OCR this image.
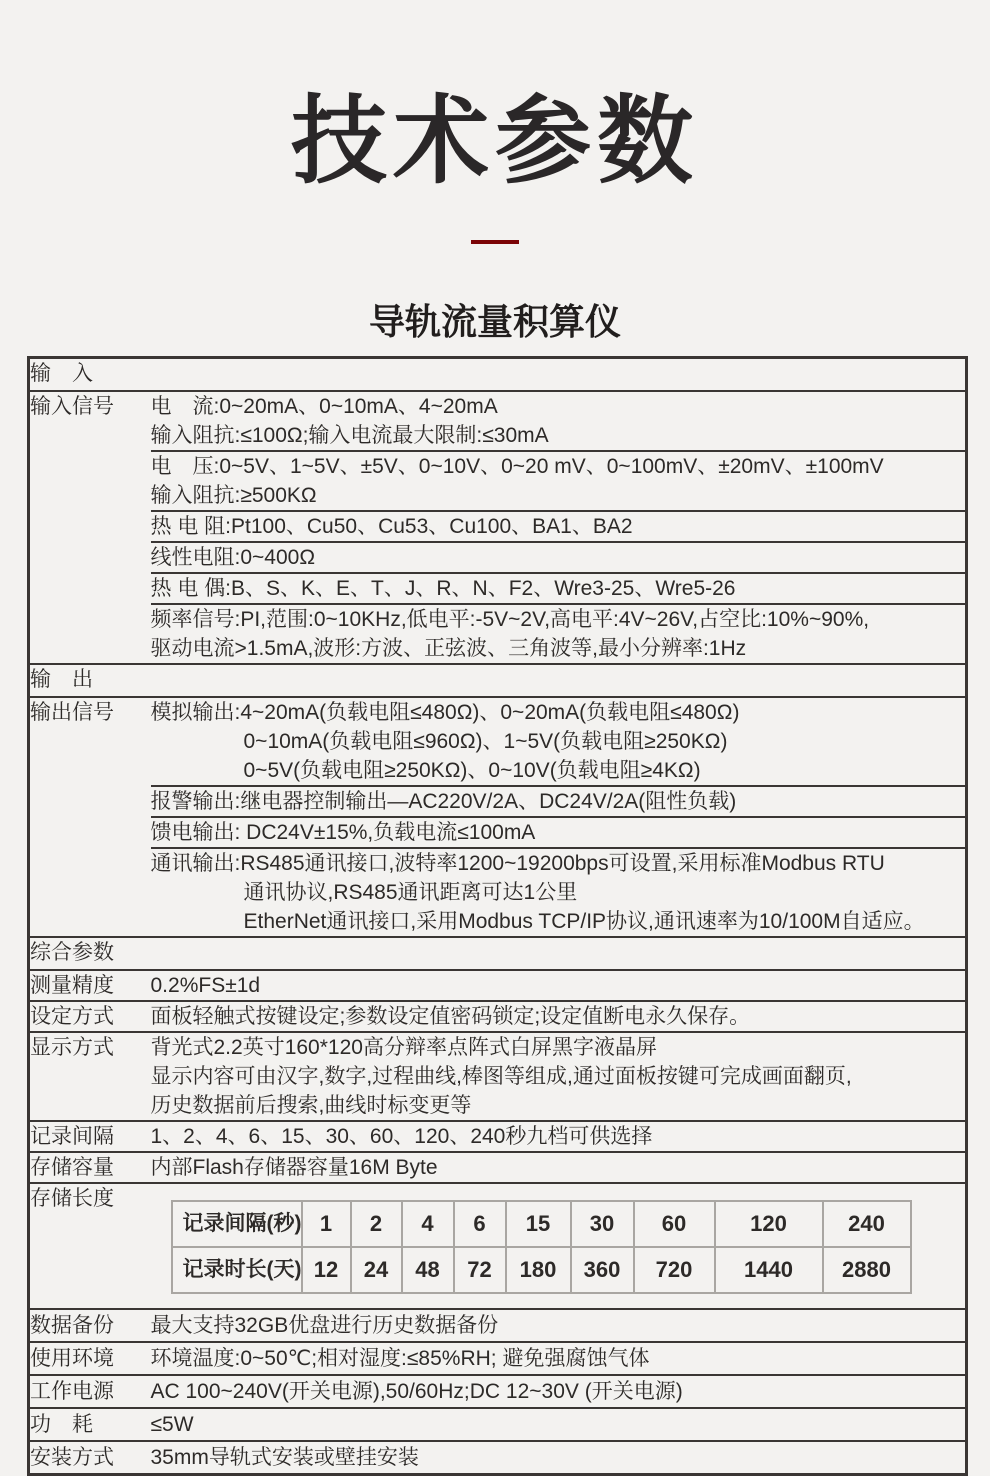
技术参数
导轨流量积算仪
输　入
输入信号	电　流:0~20mA、0~10mA、4~20mA
输入阻抗:≤100Ω;输入电流最大限制:≤30mA

电　压:0~5V、1~5V、±5V、0~10V、0~20 mV、0~100mV、±20mV、±100mV
输入阻抗:≥500KΩ

热 电 阻:Pt100、Cu50、Cu53、Cu100、BA1、BA2

线性电阻:0~400Ω

热 电 偶:B、S、K、E、T、J、R、N、F2、Wre3-25、Wre5-26

频率信号:PI,范围:0~10KHz,低电平:-5V~2V,高电平:4V~26V,占空比:10%~90%,
驱动电流>1.5mA,波形:方波、正弦波、三角波等,最小分辨率:1Hz

输　出
输出信号	模拟输出:4~20mA(负载电阻≤480Ω)、0~20mA(负载电阻≤480Ω)
0~10mA(负载电阻≤960Ω)、1~5V(负载电阻≥250KΩ)
0~5V(负载电阻≥250KΩ)、0~10V(负载电阻≥4KΩ)

报警输出:继电器控制输出—AC220V/2A、DC24V/2A(阻性负载)

馈电输出: DC24V±15%,负载电流≤100mA

通讯输出:RS485通讯接口,波特率1200~19200bps可设置,采用标准Modbus RTU
通讯协议,RS485通讯距离可达1公里
EtherNet通讯接口,采用Modbus TCP/IP协议,通讯速率为10/100M自适应。

综合参数
测量精度	0.2%FS±1d

设定方式	面板轻触式按键设定;参数设定值密码锁定;设定值断电永久保存。

显示方式	背光式2.2英寸160*120高分辩率点阵式白屏黑字液晶屏
显示内容可由汉字,数字,过程曲线,棒图等组成,通过面板按键可完成画面翻页,
历史数据前后搜索,曲线时标变更等

记录间隔	1、2、4、6、15、30、60、120、240秒九档可供选择

存储容量	内部Flash存储器容量16M Byte

存储长度	
记录间隔(秒)	1	2	4	6	15	30	60	120	240
记录时长(天)	12	24	48	72	180	360	720	1440	2880

数据备份	最大支持32GB优盘进行历史数据备份
使用环境	环境温度:0~50℃;相对湿度:≤85%RH; 避免强腐蚀气体
工作电源	AC 100~240V(开关电源),50/60Hz;DC 12~30V (开关电源)
功　耗	≤5W
安装方式	35mm导轨式安装或壁挂安装
